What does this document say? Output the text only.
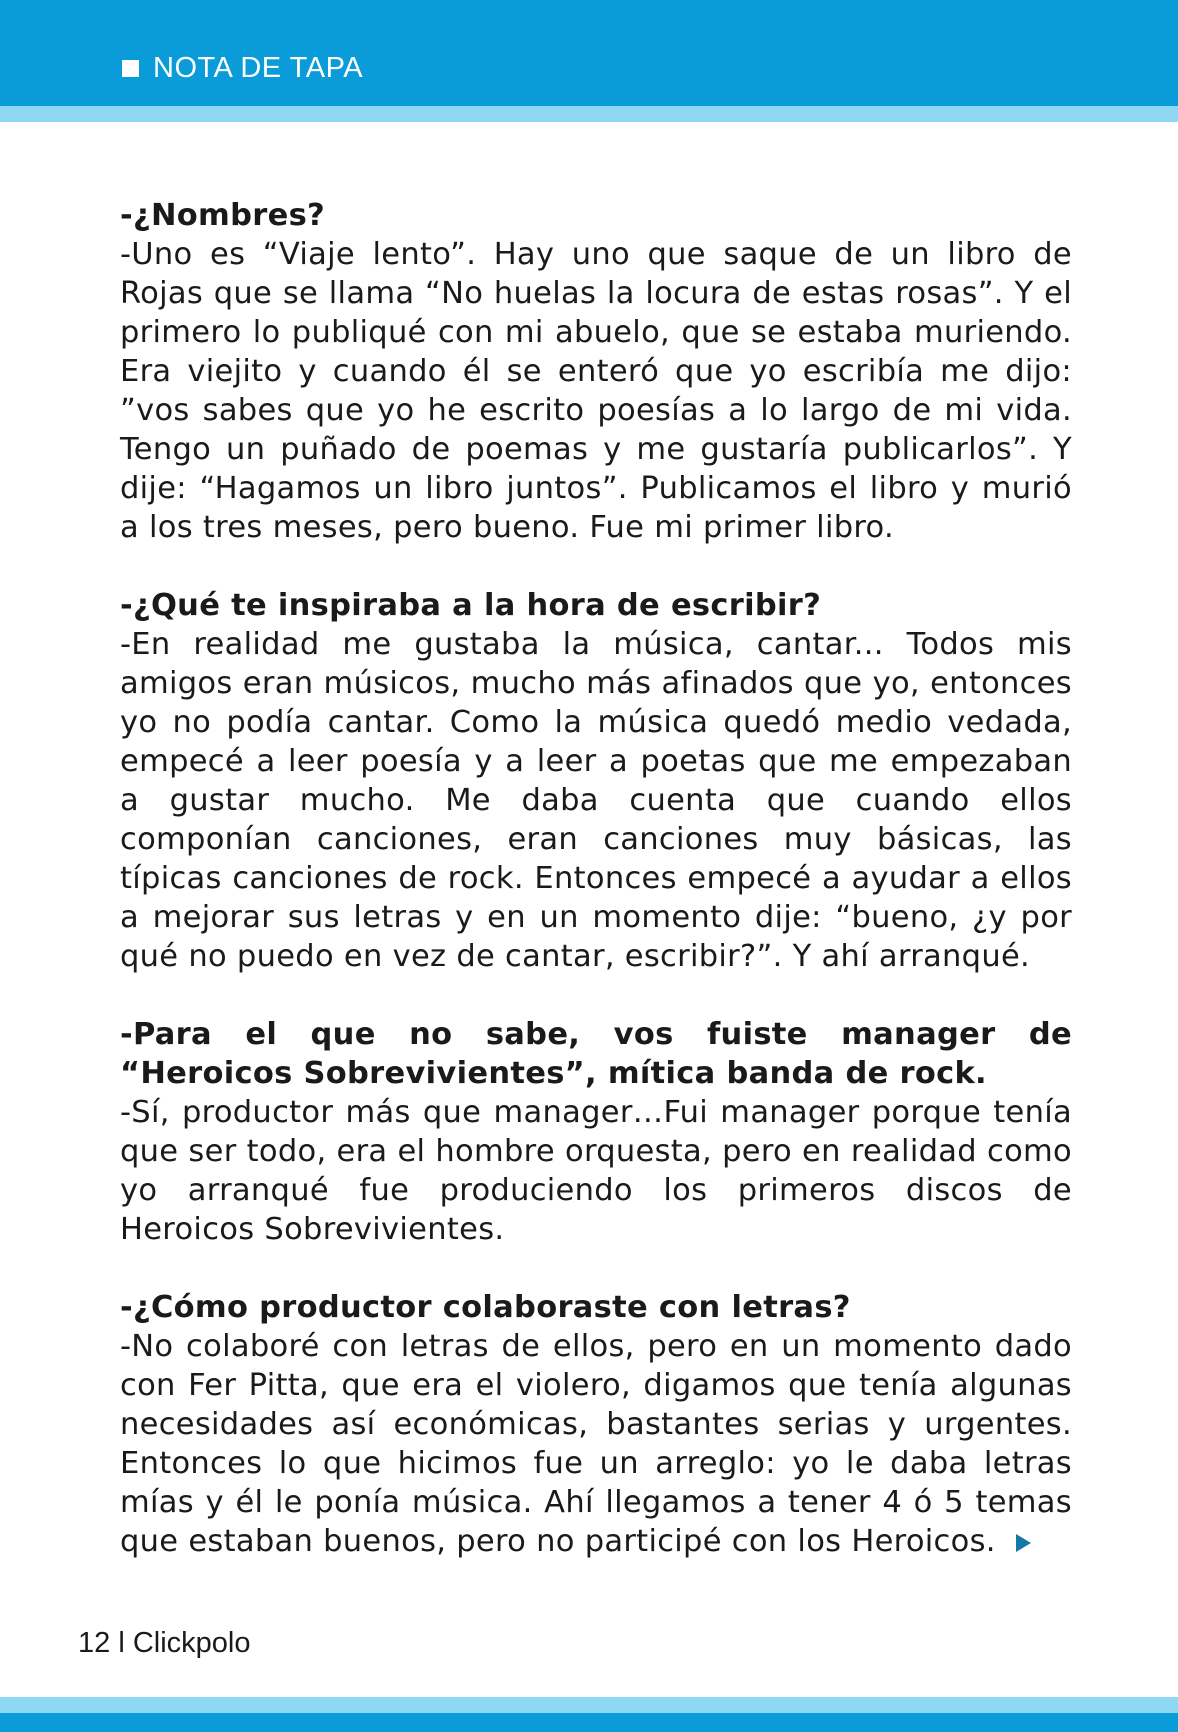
NOTA DE TAPA

-¿Nombres?

-Uno es “Viaje lento”. Hay uno que saque de un libro de Rojas que se llama “No huelas la locura de estas rosas”. Y el primero lo publiqué con mi abuelo, que se estaba muriendo. Era viejito y cuando él se enteró que yo escribía me dijo: ”vos sabes que yo he escrito poesías a lo largo de mi vida. Tengo un puñado de poemas y me gustaría publicarlos”. Y dije: “Hagamos un libro juntos”. Publicamos el libro y murió a los tres meses, pero bueno. Fue mi primer libro.

-¿Qué te inspiraba a la hora de escribir?

-En realidad me gustaba la música, cantar... Todos mis amigos eran músicos, mucho más afinados que yo, entonces yo no podía cantar. Como la música quedó medio vedada, empecé a leer poesía y a leer a poetas que me empezaban a gustar mucho. Me daba cuenta que cuando ellos componían canciones, eran canciones muy básicas, las típicas canciones de rock. Entonces empecé a ayudar a ellos a mejorar sus letras y en un momento dije: “bueno, ¿y por qué no puedo en vez de cantar, escribir?”. Y ahí arranqué.

-Para el que no sabe, vos fuiste manager de “Heroicos Sobrevivientes”, mítica banda de rock.

-Sí, productor más que manager…Fui manager porque tenía que ser todo, era el hombre orquesta, pero en realidad como yo arranqué fue produciendo los primeros discos de Heroicos Sobrevivientes.

-¿Cómo productor colaboraste con letras?

-No colaboré con letras de ellos, pero en un momento dado con Fer Pitta, que era el violero, digamos que tenía algunas necesidades así económicas, bastantes serias y urgentes. Entonces lo que hicimos fue un arreglo: yo le daba letras mías y él le ponía música. Ahí llegamos a tener 4 ó 5 temas que estaban buenos, pero no participé con los Heroicos.

12 l Clickpolo
